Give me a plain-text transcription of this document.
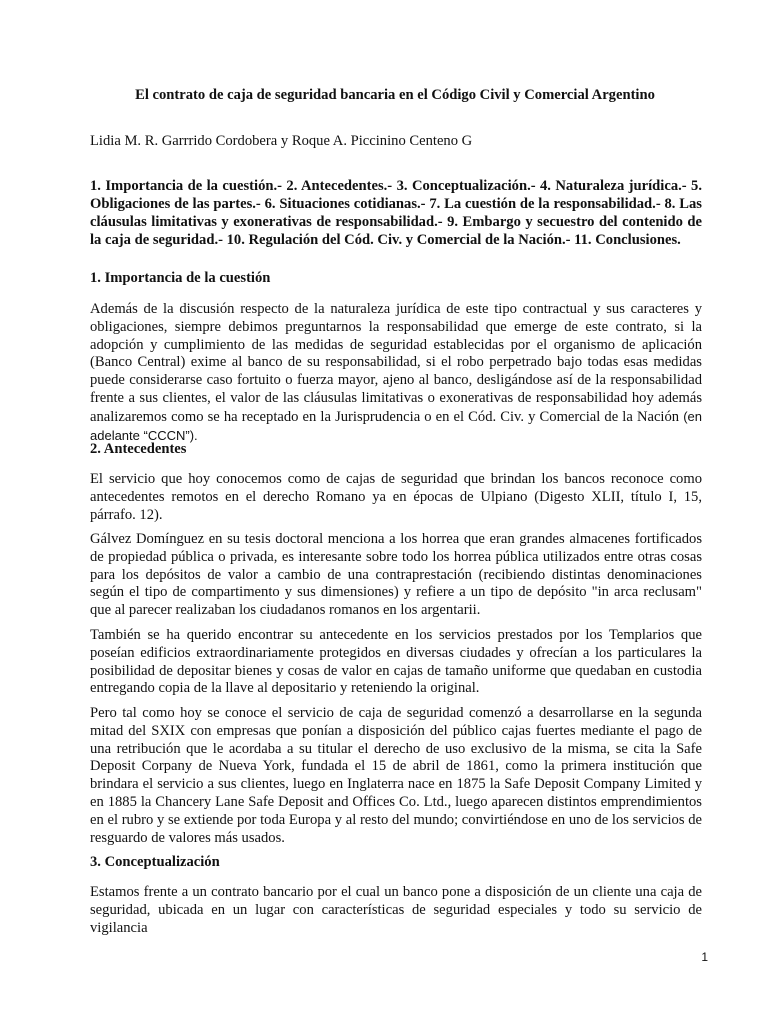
El contrato de caja de seguridad bancaria en el Código Civil y Comercial Argentino
Lidia M. R. Garrrido Cordobera y Roque A. Piccinino Centeno G
1. Importancia de la cuestión.- 2. Antecedentes.- 3. Conceptualización.- 4. Naturaleza jurídica.- 5. Obligaciones de las partes.- 6. Situaciones cotidianas.- 7. La cuestión de la responsabilidad.- 8. Las cláusulas limitativas y exonerativas de responsabilidad.- 9. Embargo y secuestro del contenido de la caja de seguridad.- 10. Regulación del Cód. Civ. y Comercial de la Nación.- 11. Conclusiones.
1. Importancia de la cuestión
Además de la discusión respecto de la naturaleza jurídica de este tipo contractual y sus caracteres y obligaciones, siempre debimos preguntarnos la responsabilidad que emerge de este contrato, si la adopción y cumplimiento de las medidas de seguridad establecidas por el organismo de aplicación (Banco Central) exime al banco de su responsabilidad, si el robo perpetrado bajo todas esas medidas puede considerarse caso fortuito o fuerza mayor, ajeno al banco, desligándose así de la responsabilidad frente a sus clientes, el valor de las cláusulas limitativas o exonerativas de responsabilidad hoy además analizaremos como se ha receptado en la Jurisprudencia o en el Cód. Civ. y Comercial de la Nación (en adelante “CCCN”).
2. Antecedentes
El servicio que hoy conocemos como de cajas de seguridad que brindan los bancos reconoce como antecedentes remotos en el derecho Romano ya en épocas de Ulpiano (Digesto XLII, título I, 15, párrafo. 12).
Gálvez Domínguez en su tesis doctoral menciona a los horrea que eran grandes almacenes fortificados de propiedad pública o privada, es interesante sobre todo los horrea pública utilizados entre otras cosas para los depósitos de valor a cambio de una contraprestación (recibiendo distintas denominaciones según el tipo de compartimento y sus dimensiones) y refiere a un tipo de depósito "in arca reclusam" que al parecer realizaban los ciudadanos romanos en los argentarii.
También se ha querido encontrar su antecedente en los servicios prestados por los Templarios que poseían edificios extraordinariamente protegidos en diversas ciudades y ofrecían a los particulares la posibilidad de depositar bienes y cosas de valor en cajas de tamaño uniforme que quedaban en custodia entregando copia de la llave al depositario y reteniendo la original.
Pero tal como hoy se conoce el servicio de caja de seguridad comenzó a desarrollarse en la segunda mitad del SXIX con empresas que ponían a disposición del público cajas fuertes mediante el pago de una retribución que le acordaba a su titular el derecho de uso exclusivo de la misma, se cita la Safe Deposit Corpany de Nueva York, fundada el 15 de abril de 1861, como la primera institución que brindara el servicio a sus clientes, luego en Inglaterra nace en 1875 la Safe Deposit Company Limited y en 1885 la Chancery Lane Safe Deposit and Offices Co. Ltd., luego aparecen distintos emprendimientos en el rubro y se extiende por toda Europa y al resto del mundo; convirtiéndose en uno de los servicios de resguardo de valores más usados.
3. Conceptualización
Estamos frente a un contrato bancario por el cual un banco pone a disposición de un cliente una caja de seguridad, ubicada en un lugar con características de seguridad especiales y todo su servicio de vigilancia
1
